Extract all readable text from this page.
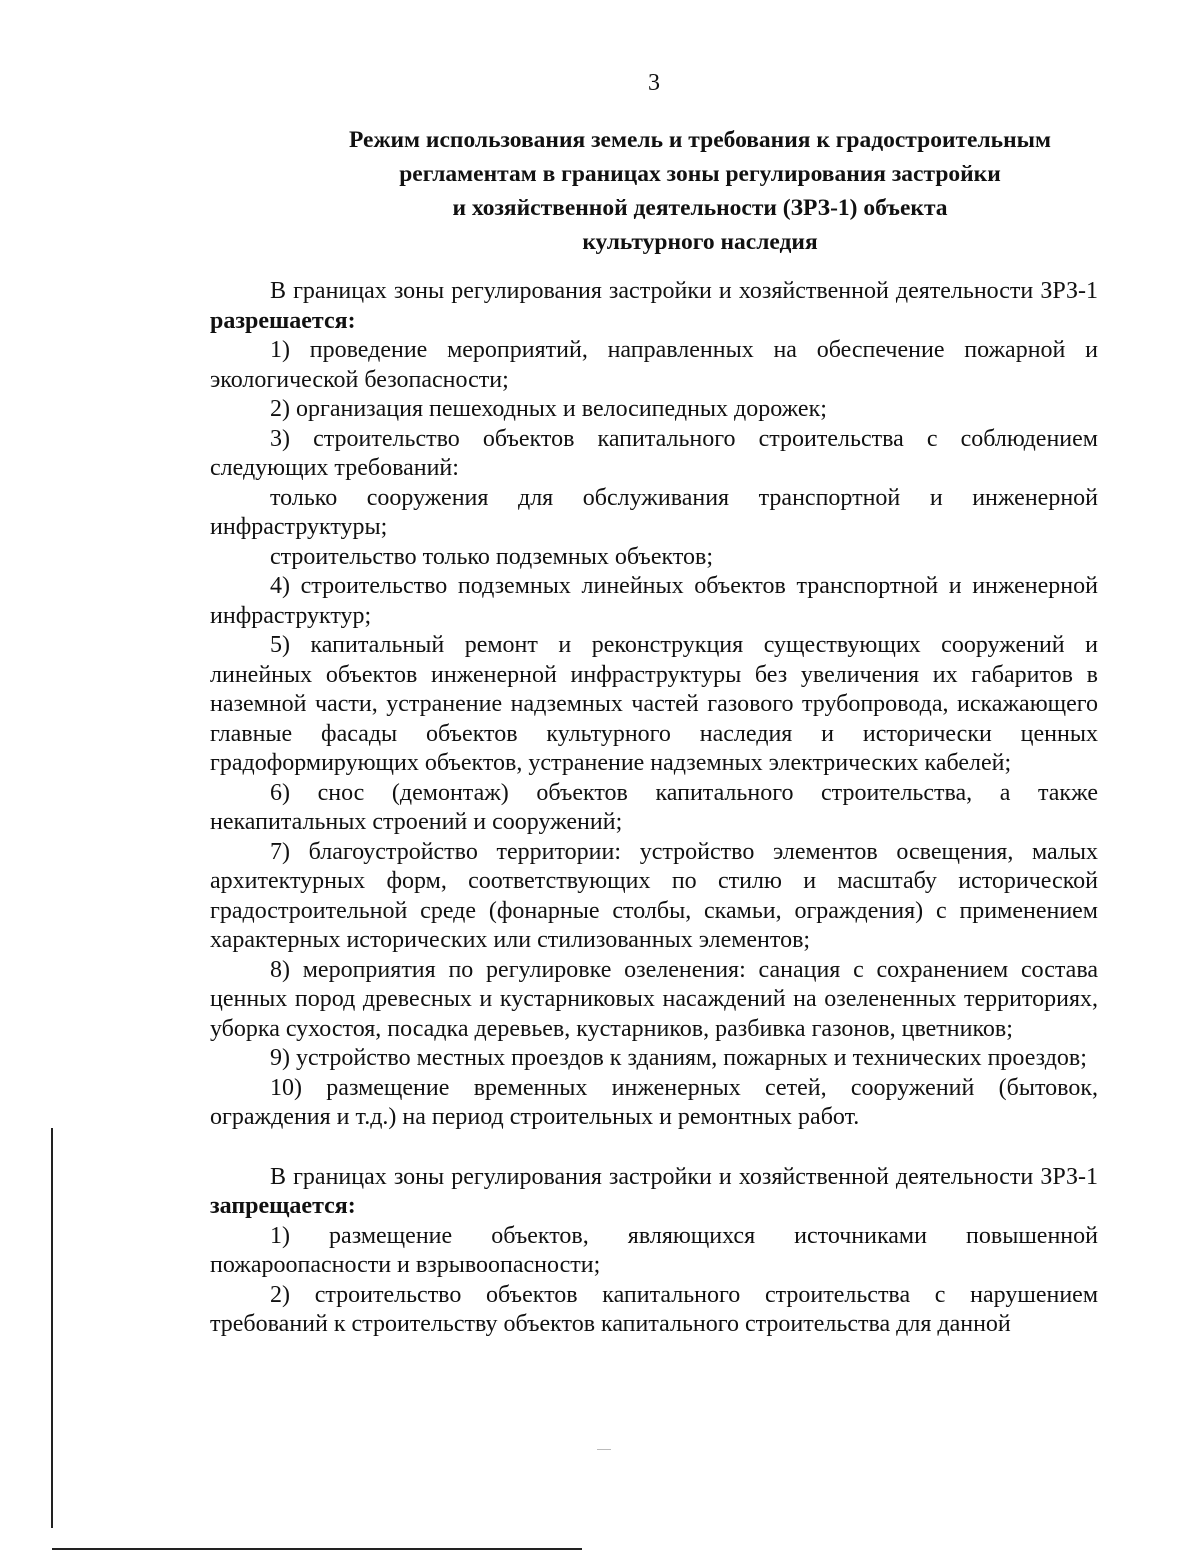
3
Режим использования земель и требования к градостроительным
регламентам в границах зоны регулирования застройки
и хозяйственной деятельности (ЗРЗ-1) объекта
культурного наследия

В границах зоны регулирования застройки и хозяйственной деятельности ЗРЗ-1 разрешается:

1) проведение мероприятий, направленных на обеспечение пожарной и экологической безопасности;

2) организация пешеходных и велосипедных дорожек;

3) строительство объектов капитального строительства с соблюдением следующих требований:

только сооружения для обслуживания транспортной и инженерной инфраструктуры;

строительство только подземных объектов;

4) строительство подземных линейных объектов транспортной и инженерной инфраструктур;

5) капитальный ремонт и реконструкция существующих сооружений и линейных объектов инженерной инфраструктуры без увеличения их габаритов в наземной части, устранение надземных частей газового трубопровода, искажающего главные фасады объектов культурного наследия и исторически ценных градоформирующих объектов, устранение надземных электрических кабелей;

6) снос (демонтаж) объектов капитального строительства, а также некапитальных строений и сооружений;

7) благоустройство территории: устройство элементов освещения, малых архитектурных форм, соответствующих по стилю и масштабу исторической градостроительной среде (фонарные столбы, скамьи, ограждения) с применением характерных исторических или стилизованных элементов;

8) мероприятия по регулировке озеленения: санация с сохранением состава ценных пород древесных и кустарниковых насаждений на озелененных территориях, уборка сухостоя, посадка деревьев, кустарников, разбивка газонов, цветников;

9) устройство местных проездов к зданиям, пожарных и технических проездов;

10) размещение временных инженерных сетей, сооружений (бытовок, ограждения и т.д.) на период строительных и ремонтных работ.

В границах зоны регулирования застройки и хозяйственной деятельности ЗРЗ-1 запрещается:

1) размещение объектов, являющихся источниками повышенной пожароопасности и взрывоопасности;

2) строительство объектов капитального строительства с нарушением требований к строительству объектов капитального строительства для данной
